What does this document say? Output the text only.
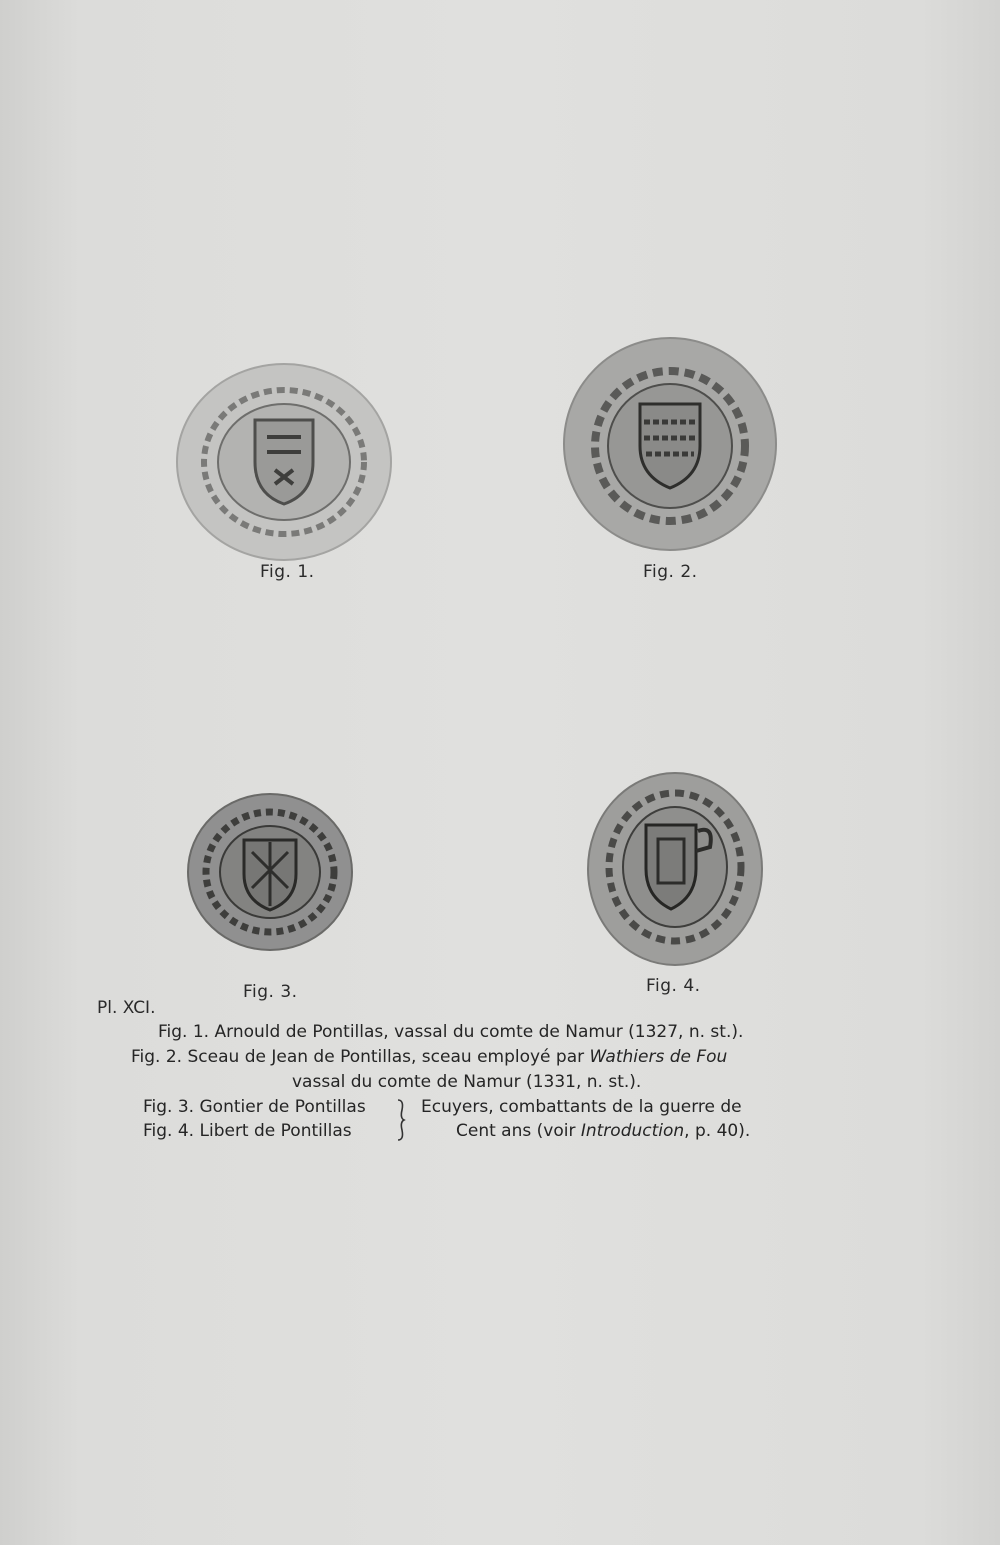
Fig. 1.	Fig. 2.
Fig. 3.	Fig. 4.
Pl. XCI.
Fig. 1. Arnould de Pontillas, vassal du comte de Namur (1327, n. st.).
Fig. 2. Sceau de Jean de Pontillas, sceau employé par Wathiers de Fou
vassal du comte de Namur (1331, n. st.).
Fig. 3. Gontier de Pontillas
Fig. 4. Libert de Pontillas
Ecuyers, combattants de la guerre de
Cent ans (voir Introduction, p. 40).
